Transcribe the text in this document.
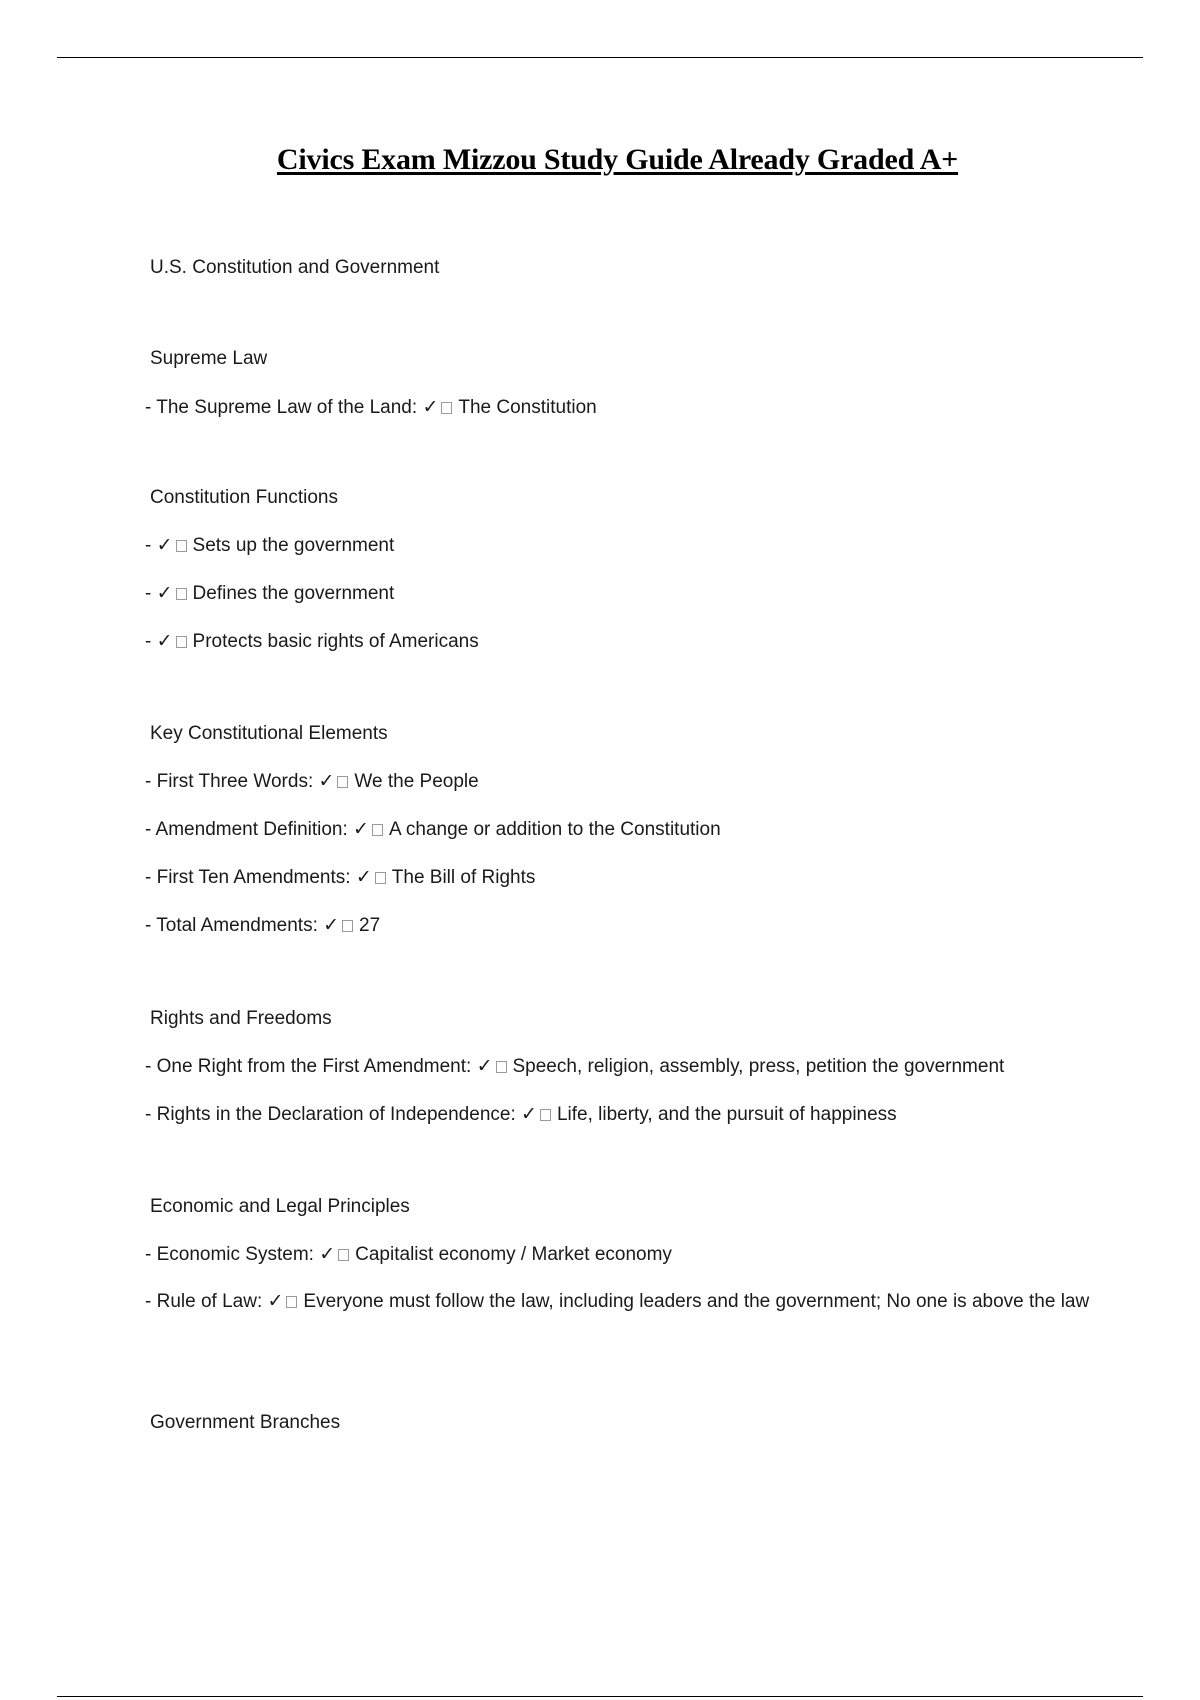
Civics Exam Mizzou Study Guide Already Graded A+
U.S. Constitution and Government
Supreme Law
- The Supreme Law of the Land: ✓ The Constitution
Constitution Functions
- ✓ Sets up the government
- ✓ Defines the government
- ✓ Protects basic rights of Americans
Key Constitutional Elements
- First Three Words: ✓ We the People
- Amendment Definition: ✓ A change or addition to the Constitution
- First Ten Amendments: ✓ The Bill of Rights
- Total Amendments: ✓ 27
Rights and Freedoms
- One Right from the First Amendment: ✓ Speech, religion, assembly, press, petition the government
- Rights in the Declaration of Independence: ✓ Life, liberty, and the pursuit of happiness
Economic and Legal Principles
- Economic System: ✓ Capitalist economy / Market economy
- Rule of Law: ✓ Everyone must follow the law, including leaders and the government; No one is above the law
Government Branches
